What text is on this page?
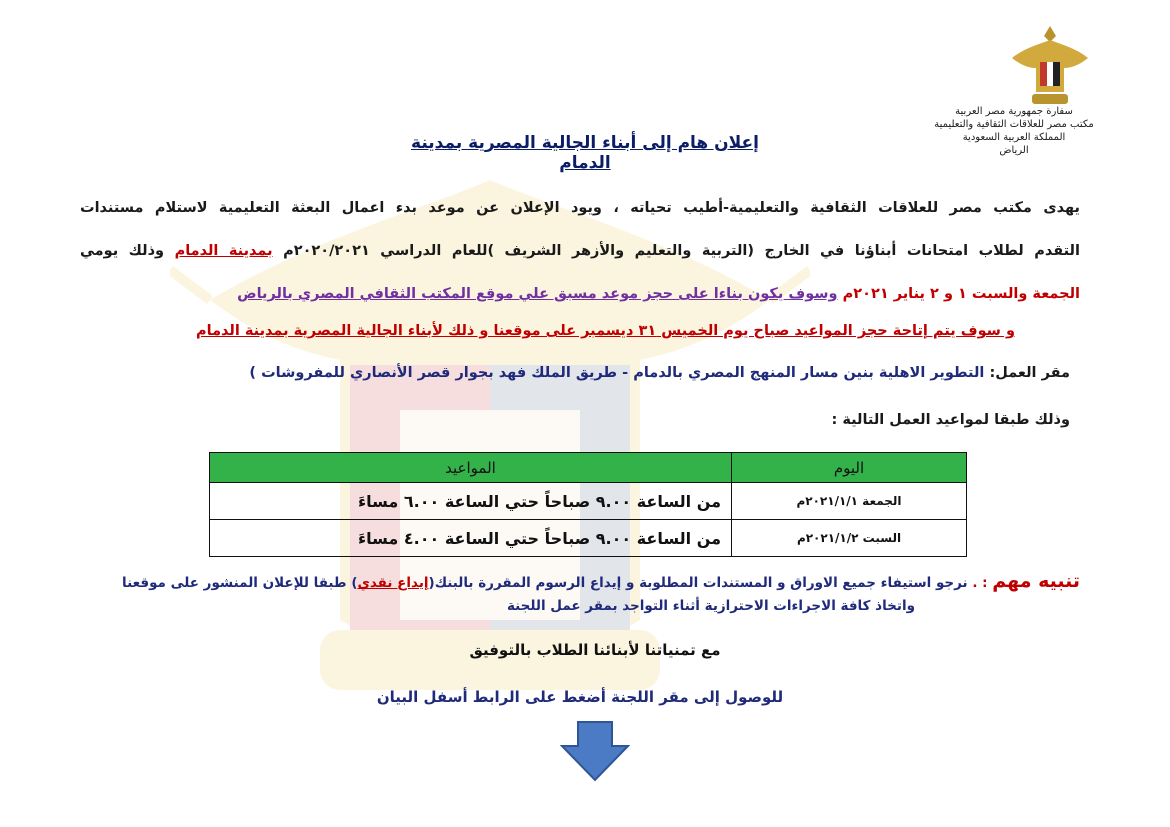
سفارة جمهورية مصر العربية
مكتب مصر للعلاقات الثقافية والتعليمية
المملكة العربية السعودية
الرياض
إعلان هام إلى أبناء الجالية المصرية بمدينة الدمام
يهدى مكتب مصر للعلاقات الثقافية والتعليمية-أطيب تحياته ، ويود الإعلان عن موعد بدء اعمال البعثة التعليمية لاستلام مستندات
التقدم لطلاب امتحانات أبناؤنا في الخارج (التربية والتعليم والأزهر الشريف )للعام الدراسي ٢٠٢٠/٢٠٢١م بمدينة الدمام وذلك يومي
الجمعة والسبت ١ و ٢ يناير ٢٠٢١م وسوف يكون بناءا على حجز موعد مسبق علي موقع المكتب الثقافي المصري بالرياض
و سوف يتم إتاحة حجز المواعيد صباح يوم الخميس ٣١ ديسمبر على موقعنا و ذلك لأبناء الجالية المصرية بمدينة الدمام
مقر العمل: التطوير الاهلية بنين مسار المنهج المصري بالدمام - طريق الملك فهد بجوار قصر الأنصاري للمفروشات )
وذلك طبقا لمواعيد العمل التالية :
اليوم	المواعيد
الجمعة ٢٠٢١/١/١م	من الساعة ٩.٠٠ صباحاً حتي الساعة ٦.٠٠ مساءَ
السبت ٢٠٢١/١/٢م	من الساعة ٩.٠٠ صباحاً حتي الساعة ٤.٠٠ مساءَ
تنبيه مهم : . نرجو استيفاء جميع الاوراق و المستندات المطلوبة و إيداع الرسوم المقررة بالبنك(إيداع نقدي) طبقا للإعلان المنشور على موقعنا
واتخاذ كافة الاجراءات الاحترازية أثناء التواجد بمقر عمل اللجنة
مع تمنياتنا لأبنائنا الطلاب بالتوفيق
للوصول إلى مقر اللجنة أضغط على الرابط أسفل البيان
